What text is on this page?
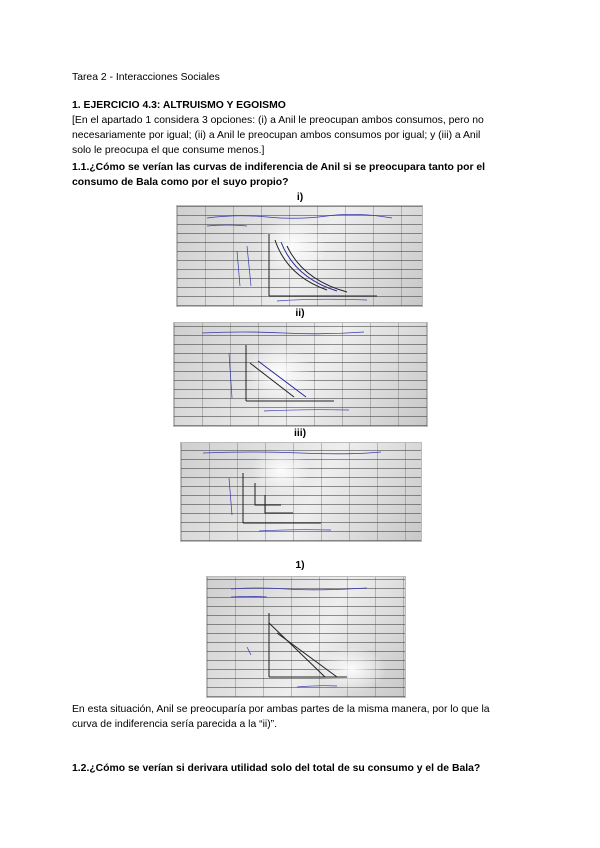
Tarea 2 - Interacciones Sociales
1. EJERCICIO 4.3: ALTRUISMO Y EGOISMO
[En el apartado 1 considera 3 opciones: (i) a Anil le preocupan ambos consumos, pero no
necesariamente por igual; (ii) a Anil le preocupan ambos consumos por igual; y (iii) a Anil
solo le preocupa el que consume menos.]
1.1.¿Cómo se verían las curvas de indiferencia de Anil si se preocupara tanto por el
consumo de Bala como por el suyo propio?
i)
ii)
iii)
1)
En esta situación, Anil se preocuparía por ambas partes de la misma manera, por lo que la
curva de indiferencia sería parecida a la “ii)”.
1.2.¿Cómo se verían si derivara utilidad solo del total de su consumo y el de Bala?
